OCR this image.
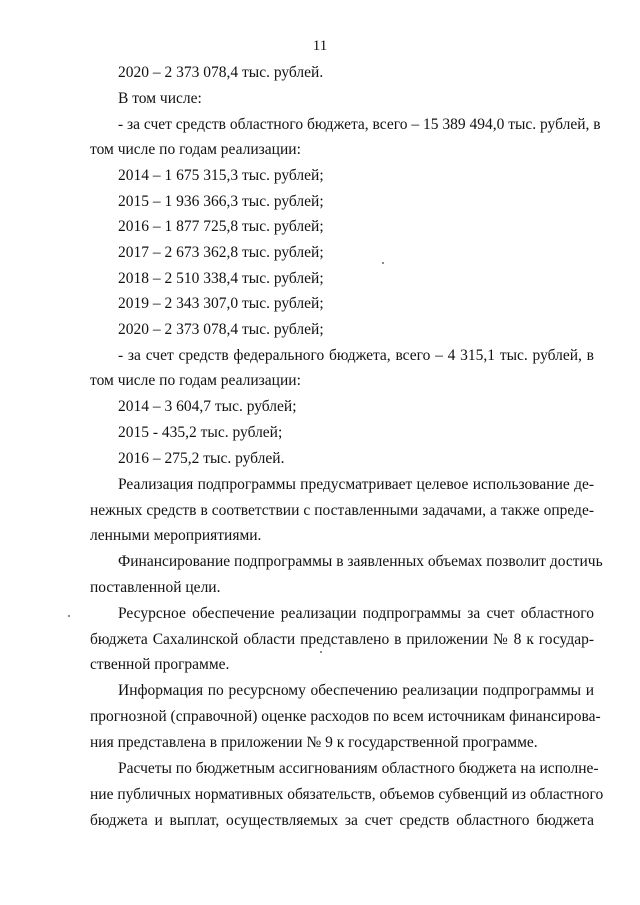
11
2020 – 2 373 078,4 тыс. рублей.
В том числе:
- за счет средств областного бюджета, всего – 15 389 494,0 тыс. рублей, в
том числе по годам реализации:
2014 – 1 675 315,3 тыс. рублей;
2015 – 1 936 366,3 тыс. рублей;
2016 – 1 877 725,8 тыс. рублей;
2017 – 2 673 362,8 тыс. рублей;
2018 – 2 510 338,4 тыс. рублей;
2019 – 2 343 307,0 тыс. рублей;
2020 – 2 373 078,4 тыс. рублей;
- за счет средств федерального бюджета, всего – 4 315,1 тыс. рублей, в
том числе по годам реализации:
2014 – 3 604,7 тыс. рублей;
2015 - 435,2 тыс. рублей;
2016 – 275,2 тыс. рублей.
Реализация подпрограммы предусматривает целевое использование де-
нежных средств в соответствии с поставленными задачами, а также опреде-
ленными мероприятиями.
Финансирование подпрограммы в заявленных объемах позволит достичь
поставленной цели.
Ресурсное обеспечение реализации подпрограммы за счет областного
бюджета Сахалинской области представлено в приложении № 8 к государ-
ственной программе.
Информация по ресурсному обеспечению реализации подпрограммы и
прогнозной (справочной) оценке расходов по всем источникам финансирова-
ния представлена в приложении № 9 к государственной программе.
Расчеты по бюджетным ассигнованиям областного бюджета на исполне-
ние публичных нормативных обязательств, объемов субвенций из областного
бюджета и выплат, осуществляемых за счет средств областного бюджета
